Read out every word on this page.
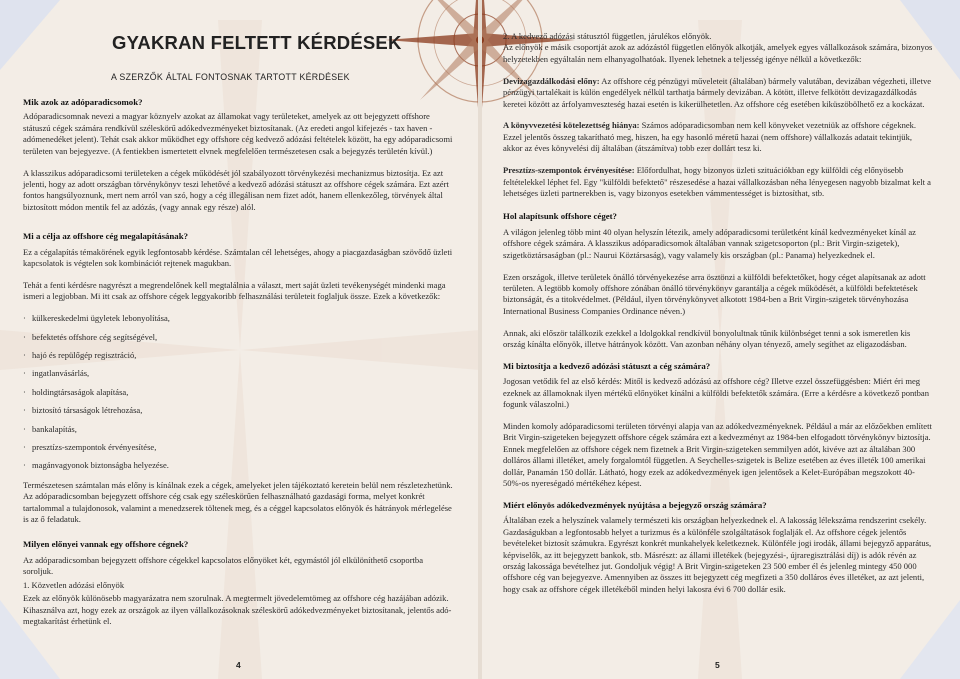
GYAKRAN FELTETT KÉRDÉSEK
A SZERZŐK ÁLTAL FONTOSNAK TARTOTT KÉRDÉSEK
Mik azok az adóparadicsomok?

Adóparadicsomnak nevezi a magyar köznyelv azokat az államokat vagy területeket, amelyek az ott bejegyzett offshore státuszú cégek számára rendkívül széleskörű adókedvezményeket biztosítanak. (Az eredeti angol kifejezés - tax haven - adómenedéket jelent). Tehát csak akkor működhet egy offshore cég kedvező adózási feltételek között, ha egy adóparadicsomi területen van bejegyezve. (A fentiekben ismertetett elvnek megfelelően természetesen csak a bejegyzés területén kívül.)

A klasszikus adóparadicsomi területeken a cégek működését jól szabályozott törvénykezési mechanizmus biztosítja. Ez azt jelenti, hogy az adott országban törvénykönyv teszi lehetővé a kedvező adózási státuszt az offshore cégek számára. Ezt azért fontos hangsúlyoznunk, mert nem arról van szó, hogy a cég illegálisan nem fizet adót, hanem ellenkezőleg, törvények által biztosított módon mentik fel az adózás, (vagy annak egy része) alól.

Mi a célja az offshore cég megalapításának?

Ez a cégalapítás témakörének egyik legfontosabb kérdése. Számtalan cél lehetséges, ahogy a piacgazdaságban szövődő üzleti kapcsolatok is végtelen sok kombinációt rejtenek magukban.

Tehát a fenti kérdésre nagyrészt a megrendelőnek kell megtalálnia a választ, mert saját üzleti tevékenységét mindenki maga ismeri a legjobban. Mi itt csak az offshore cégek leggyakoribb felhasználási területeit foglaljuk össze. Ezek a következők:

· külkereskedelmi ügyletek lebonyolítása,
· befektetés offshore cég segítségével,
· hajó és repülőgép regisztráció,
· ingatlanvásárlás,
· holdingtársaságok alapítása,
· biztosító társaságok létrehozása,
· bankalapítás,
· presztízs-szempontok érvényesítése,
· magánvagyonok biztonságba helyezése.

Természetesen számtalan más előny is kínálnak ezek a cégek, amelyeket jelen tájékoztató keretein belül nem részletezhetünk. Az adóparadicsomban bejegyzett offshore cég csak egy széleskörűen felhasználható gazdasági forma, melyet konkrét tartalommal a tulajdonosok, valamint a menedzserek töltenek meg, és a céggel kapcsolatos előnyök és hátrányok mérlegelése is az ő feladatuk.

Milyen előnyei vannak egy offshore cégnek?

Az adóparadicsomban bejegyzett offshore cégekkel kapcsolatos előnyöket két, egymástól jól elkülöníthető csoportba soroljuk.

1. Közvetlen adózási előnyök

Ezek az előnyök különösebb magyarázatra nem szorulnak. A megtermelt jövedelemtömeg az offshore cég hazájában adózik. Kihasználva azt, hogy ezek az országok az ilyen vállalkozásoknak széleskörű adókedvezményeket biztosítanak, jelentős adó-megtakarítást érhetünk el.

4

2. A kedvező adózási státusztól független, járulékos előnyök.

Az előnyök e másik csoportját azok az adózástól független előnyök alkotják, amelyek egyes vállalkozások számára, bizonyos helyzetekben egyáltalán nem elhanyagolhatóak. Ilyenek lehetnek a teljesség igénye nélkül a következők:

Devizagazdálkodási előny: Az offshore cég pénzügyi műveleteit (általában) bármely valutában, devizában végezheti, illetve pénzügyi tartalékait is külön engedélyek nélkül tarthatja bármely devizában. A kötött, illetve felkötött devizagazdálkodás keretei között az árfolyamveszteség hazai esetén is kikerülhetetlen. Az offshore cég esetében kiküszöbölhető ez a kockázat.

A könyvvezetési kötelezettség hiánya: Számos adóparadicsomban nem kell könyveket vezetniük az offshore cégeknek. Ezzel jelentős összeg takarítható meg, hiszen, ha egy hasonló méretű hazai (nem offshore) vállalkozás adatait tekintjük, akkor az éves könyvelési díj általában (átszámítva) tobb ezer dollárt tesz ki.

Presztízs-szempontok érvényesítése: Előfordulhat, hogy bizonyos üzleti szituációkban egy külföldi cég előnyösebb feltételekkel léphet fel. Egy "külföldi befektető" részesedése a hazai vállalkozásban néha lényegesen nagyobb bizalmat kelt a lehetséges üzleti partnerekben is, vagy bizonyos esetekben vámmentességet is biztosíthat, stb.

Hol alapítsunk offshore céget?

A világon jelenleg több mint 40 olyan helyszín létezik, amely adóparadicsomi területként kínál kedvezményeket kínál az offshore cégek számára. A klasszikus adóparadicsomok általában vannak szigetcsoporton (pl.: Brit Virgin-szigetek), szigetköztársaságban (pl.: Naurui Köztársaság), vagy valamely kis országban (pl.: Panama) helyezkednek el.

Ezen országok, illetve területek önálló törvényekezése arra ösztönzi a külföldi befektetőket, hogy céget alapítsanak az adott területen. A legtöbb komoly offshore zónában önálló törvénykönyv garantálja a cégek működését, a külföldi befektetések biztonságát, és a titokvédelmet. (Például, ilyen törvénykönyvet alkotott 1984-ben a Brit Virgin-szigetek törvényhozása International Business Companies Ordinance néven.)

Annak, aki először találkozik ezekkel a ldolgokkal rendkívül bonyolultnak tűnik különbséget tenni a sok ismeretlen kis ország kínálta előnyök, illetve hátrányok között. Van azonban néhány olyan tényező, amely segíthet az eligazodásban.

Mi biztosítja a kedvező adózási státuszt a cég számára?

Jogosan vetődik fel az első kérdés: Mitől is kedvező adózású az offshore cég? Illetve ezzel összefüggésben: Miért éri meg ezeknek az államoknak ilyen mértékű előnyöket kínálni a külföldi befektetők számára. (Erre a kérdésre a következő pontban fogunk válaszolni.)

Minden komoly adóparadicsomi területen törvényi alapja van az adókedvezményeknek. Például a már az előzőekben említett Brit Virgin-szigeteken bejegyzett offshore cégek számára ezt a kedvezményt az 1984-ben elfogadott törvénykönyv biztosítja. Ennek megfelelően az offshore cégek nem fizetnek a Brit Virgin-szigeteken semmilyen adót, kivéve azt az általában 300 dolláros állami illetéket, amely forgalomtól független. A Seychelles-szigetek is Belize esetében az éves illeték 100 amerikai dollár, Panamán 150 dollár. Látható, hogy ezek az adókedvezmények igen jelentősek a Kelet-Európában megszokott 40-50%-os nyereségadó mértékéhez képest.

Miért előnyös adókedvezmények nyújtása a bejegyző ország számára?

Általában ezek a helyszínek valamely természeti kis országban helyezkednek el. A lakosság lélekszáma rendszerint csekély. Gazdaságukban a legfontosabb helyet a turizmus és a különféle szolgáltatások foglalják el. Az offshore cégek jelentős bevételeket biztosít számukra. Egyrészt konkrét munkahelyek keletkeznek. Különféle jogi irodák, állami bejegyző apparátus, képviselők, az itt bejegyzett bankok, stb. Másrészt: az állami illetékek (bejegyzési-, újraregisztrálási díj) is adók révén az ország lakossága bevételhez jut. Gondoljuk végig! A Brit Virgin-szigeteken 23 500 ember él és jelenleg mintegy 450 000 offshore cég van bejegyezve. Amennyiben az összes itt bejegyzett cég megfizeti a 350 dolláros éves illetéket, az azt jelenti, hogy csak az offshore cégek illetékéből minden helyi lakosra évi 6 700 dollár esik.

5
